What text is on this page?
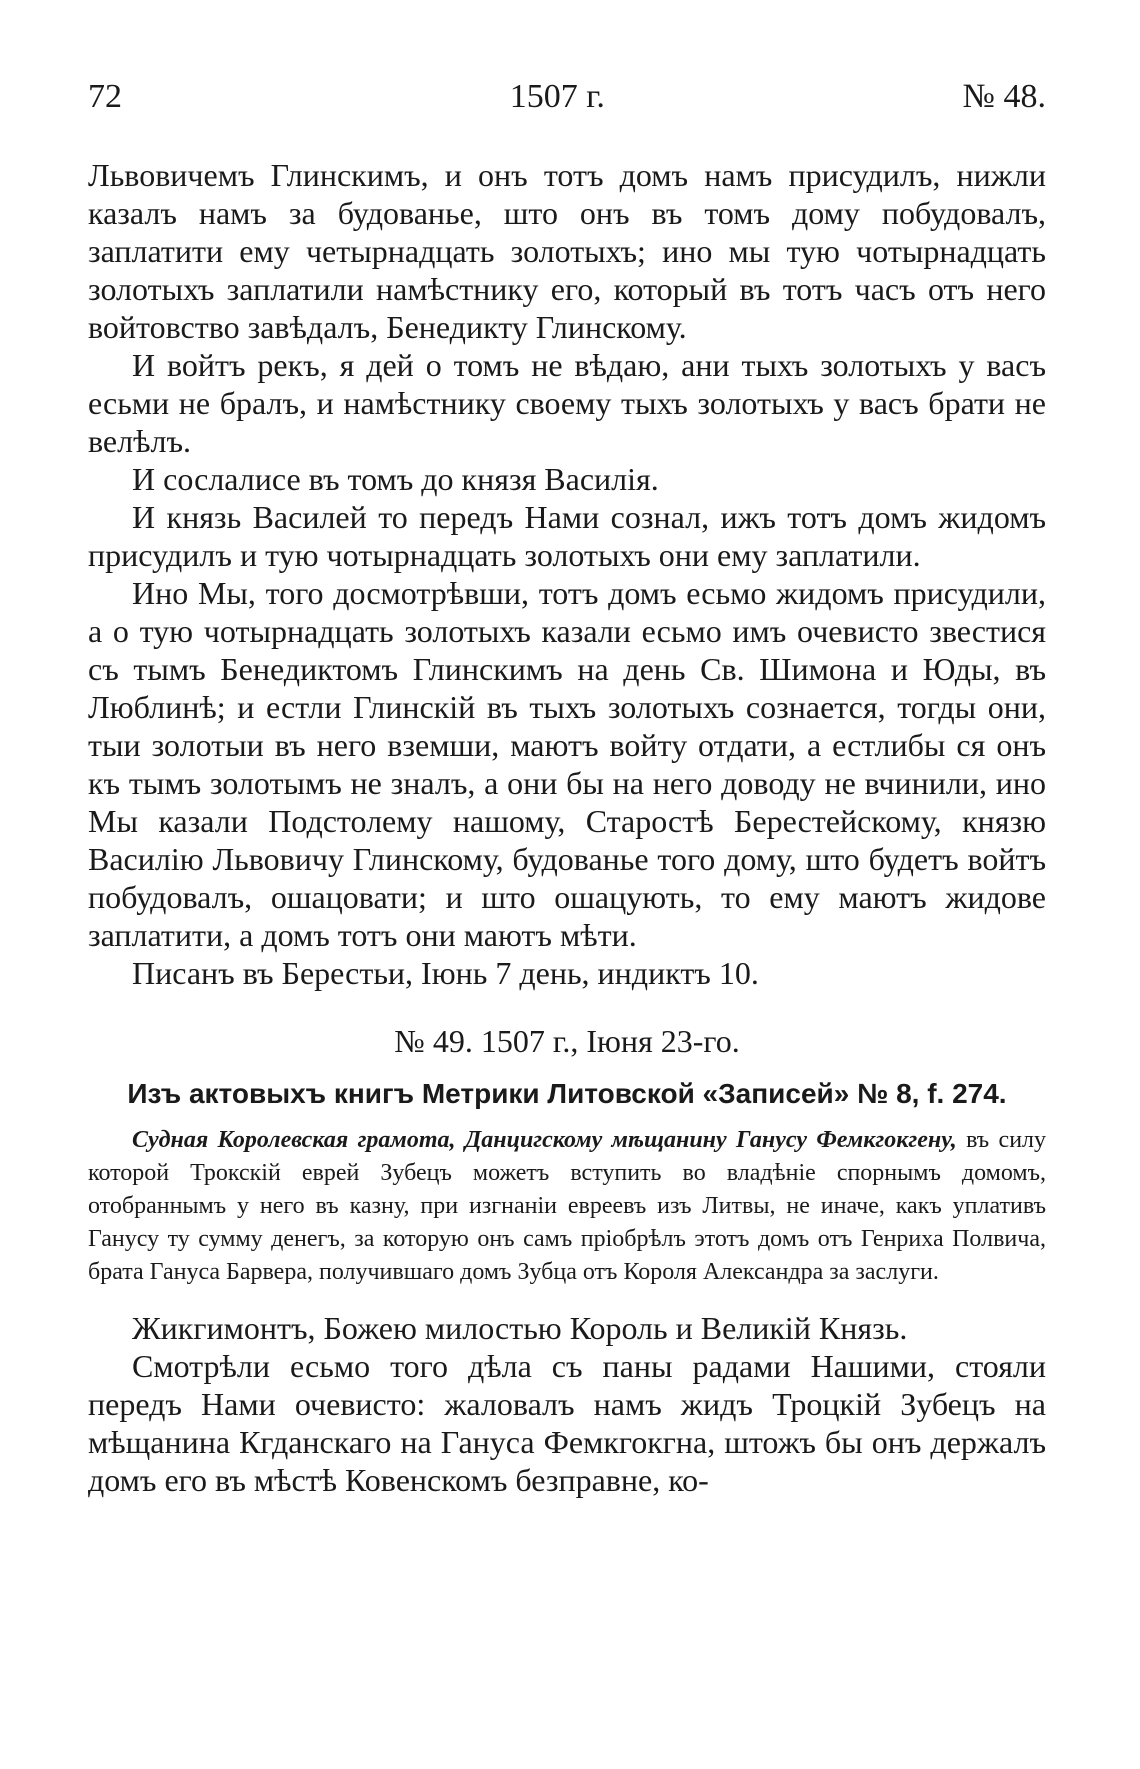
72	1507 г.	№ 48.

Львовичемъ Глинскимъ, и онъ тотъ домъ намъ присудилъ, нижли казалъ намъ за будованье, што онъ въ томъ дому побудовалъ, заплатити ему четырнадцать золотыхъ; ино мы тую чотырнадцать золотыхъ заплатили намѣстнику его, который въ тотъ часъ отъ него войтовство завѣдалъ, Бенедикту Глинскому.

И войтъ рекъ, я дей о томъ не вѣдаю, ани тыхъ золотыхъ у васъ есьми не бралъ, и намѣстнику своему тыхъ золотыхъ у васъ брати не велѣлъ.

И сослалисе въ томъ до князя Василія.

И князь Василей то передъ Нами сознал, ижъ тотъ домъ жидомъ присудилъ и тую чотырнадцать золотыхъ они ему заплатили.

Ино Мы, того досмотрѣвши, тотъ домъ есьмо жидомъ присудили, а о тую чотырнадцать золотыхъ казали есьмо имъ очевисто звестися съ тымъ Бенедиктомъ Глинскимъ на день Св. Шимона и Юды, въ Люблинѣ; и естли Глинскій въ тыхъ золотыхъ сознается, тогды они, тыи золотыи въ него вземши, маютъ войту отдати, а естлибы ся онъ къ тымъ золотымъ не зналъ, а они бы на него доводу не вчинили, ино Мы казали Подстолему нашому, Старостѣ Берестейскому, князю Василію Львовичу Глинскому, будованье того дому, што будетъ войтъ побудовалъ, ошацовати; и што ошацують, то ему маютъ жидове заплатити, а домъ тотъ они маютъ мѣти.

Писанъ въ Берестьи, Іюнь 7 день, индиктъ 10.

№ 49. 1507 г., Іюня 23-го.
Изъ актовыхъ книгъ Метрики Литовской «Записей» № 8, f. 274.
Судная Королевская грамота, Данцигскому мѣщанину Ганусу Фемкгокгену, въ силу которой Трокскій еврей Зубецъ можетъ вступить во владѣніе спорнымъ домомъ, отобраннымъ у него въ казну, при изгнаніи евреевъ изъ Литвы, не иначе, какъ уплативъ Ганусу ту сумму денегъ, за которую онъ самъ пріобрѣлъ этотъ домъ отъ Генриха Полвича, брата Гануса Барвера, получившаго домъ Зубца отъ Короля Александра за заслуги.

Жикгимонтъ, Божею милостью Король и Великій Князь.

Смотрѣли есьмо того дѣла съ паны радами Нашими, стояли передъ Нами очевисто: жаловалъ намъ жидъ Троцкій Зубецъ на мѣщанина Кгданскаго на Гануса Фемкгокгна, штожъ бы онъ держалъ домъ его въ мѣстѣ Ковенскомъ безправне, ко-
